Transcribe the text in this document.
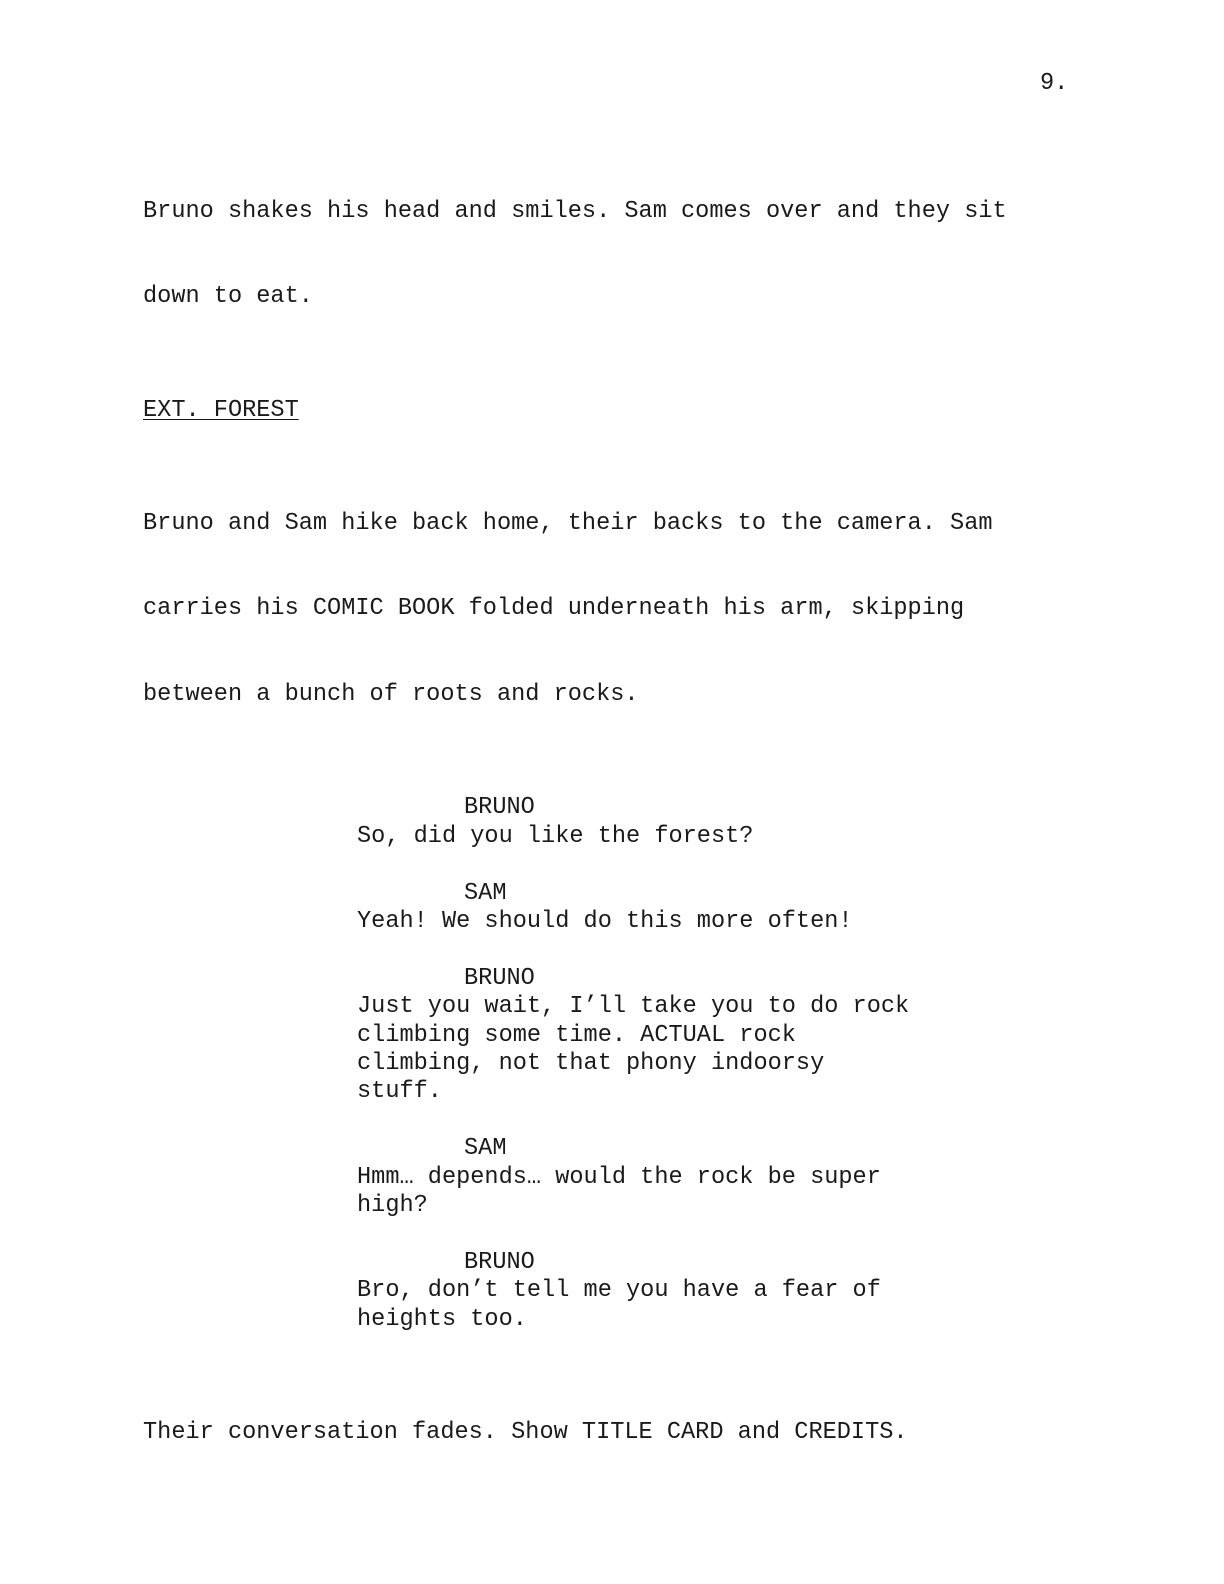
9.

Bruno shakes his head and smiles. Sam comes over and they sit

down to eat.

EXT. FOREST

Bruno and Sam hike back home, their backs to the camera. Sam

carries his COMIC BOOK folded underneath his arm, skipping

between a bunch of roots and rocks.

BRUNO
So, did you like the forest?
SAM
Yeah! We should do this more often!
BRUNO
Just you wait, I’ll take you to do rock
climbing some time. ACTUAL rock
climbing, not that phony indoorsy
stuff.
SAM
Hmm… depends… would the rock be super
high?
BRUNO
Bro, don’t tell me you have a fear of
heights too.

Their conversation fades. Show TITLE CARD and CREDITS.
